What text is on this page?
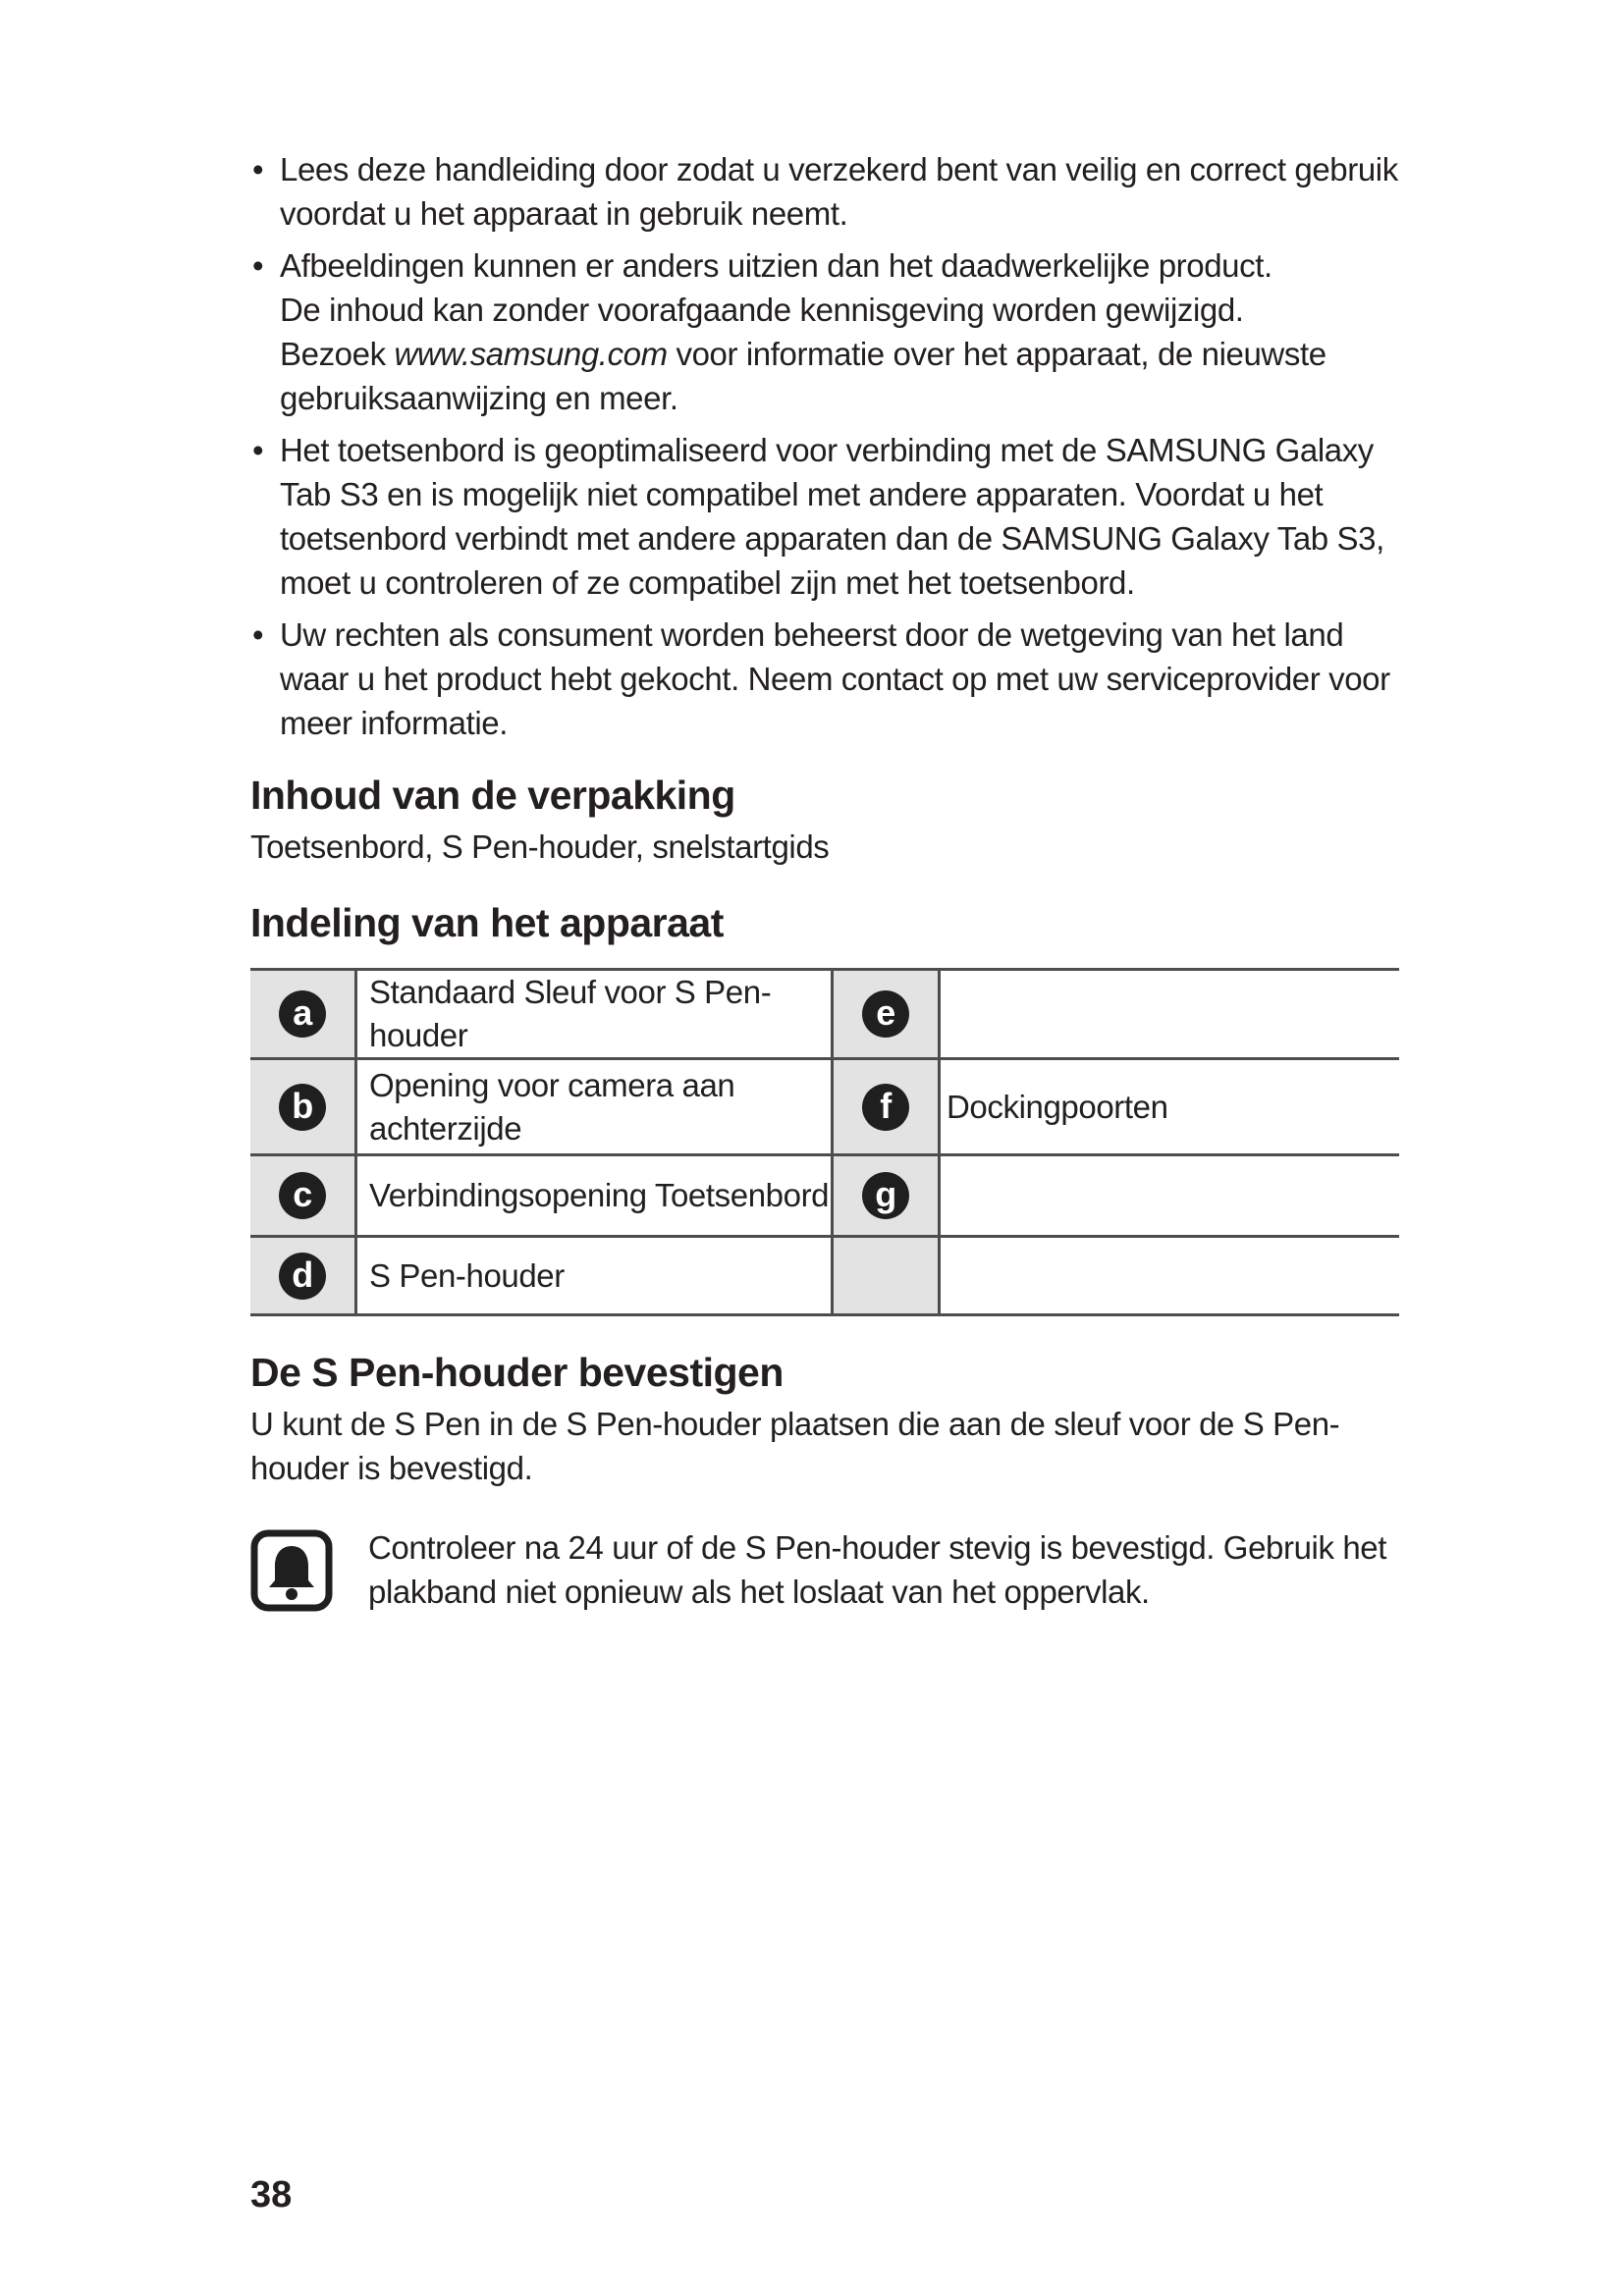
• Lees deze handleiding door zodat u verzekerd bent van veilig en correct gebruik voordat u het apparaat in gebruik neemt.
• Afbeeldingen kunnen er anders uitzien dan het daadwerkelijke product.
De inhoud kan zonder voorafgaande kennisgeving worden gewijzigd.
Bezoek www.samsung.com voor informatie over het apparaat, de nieuwste gebruiksaanwijzing en meer.
• Het toetsenbord is geoptimaliseerd voor verbinding met de SAMSUNG Galaxy Tab S3 en is mogelijk niet compatibel met andere apparaten. Voordat u het toetsenbord verbindt met andere apparaten dan de SAMSUNG Galaxy Tab S3, moet u controleren of ze compatibel zijn met het toetsenbord.
• Uw rechten als consument worden beheerst door de wetgeving van het land waar u het product hebt gekocht. Neem contact op met uw serviceprovider voor meer informatie.
Inhoud van de verpakking

Toetsenbord, S Pen-houder, snelstartgids

Indeling van het apparaat
a	Standaard Sleuf voor S Pen-houder	e	
b	Opening voor camera aan achterzijde	f	Dockingpoorten
c	Verbindingsopening Toetsenbord	g	
d	S Pen-houder		
De S Pen-houder bevestigen

U kunt de S Pen in de S Pen-houder plaatsen die aan de sleuf voor de S Pen-houder is bevestigd.

Controleer na 24 uur of de S Pen-houder stevig is bevestigd. Gebruik het plakband niet opnieuw als het loslaat van het oppervlak.
38
